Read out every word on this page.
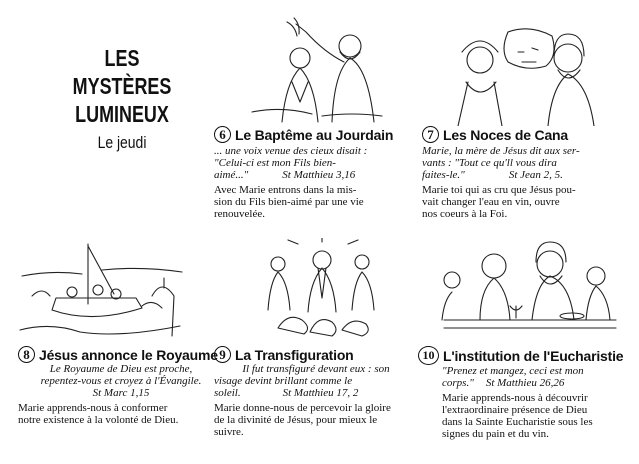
LES
MYSTÈRES
LUMINEUX
Le jeudi	6 Le Baptême au Jourdain
... une voix venue des cieux disait :
"Celui-ci est mon Fils bien-
aimé..."	St Matthieu 3,16
Avec Marie entrons dans la mis-
sion du Fils bien-aimé par une vie
renouvelée.
7 Les Noces de Cana
Marie, la mère de Jésus dit aux ser-
vants : "Tout ce qu'll vous dira
faites-le."	St Jean 2, 5.
Marie toi qui as cru que Jésus pou-
vait changer l'eau en vin, ouvre
nos coeurs à la Foi.
8 Jésus annonce le Royaume
Le Royaume de Dieu est proche,
repentez-vous et croyez à l'Évangile.
St Marc 1,15
Marie apprends-nous à conformer
notre existence à la volonté de Dieu.
9 La Transfiguration
Il fut transfiguré devant eux : son
visage devint brillant comme le
soleil.	St Matthieu 17, 2
Marie donne-nous de percevoir la gloire
de la divinité de Jésus, pour mieux le
suivre.
10 L'institution de l'Eucharistie
"Prenez et mangez, ceci est mon
corps." St Matthieu 26,26
Marie apprends-nous à découvrir
l'extraordinaire présence de Dieu
dans la Sainte Eucharistie sous les
signes du pain et du vin.
